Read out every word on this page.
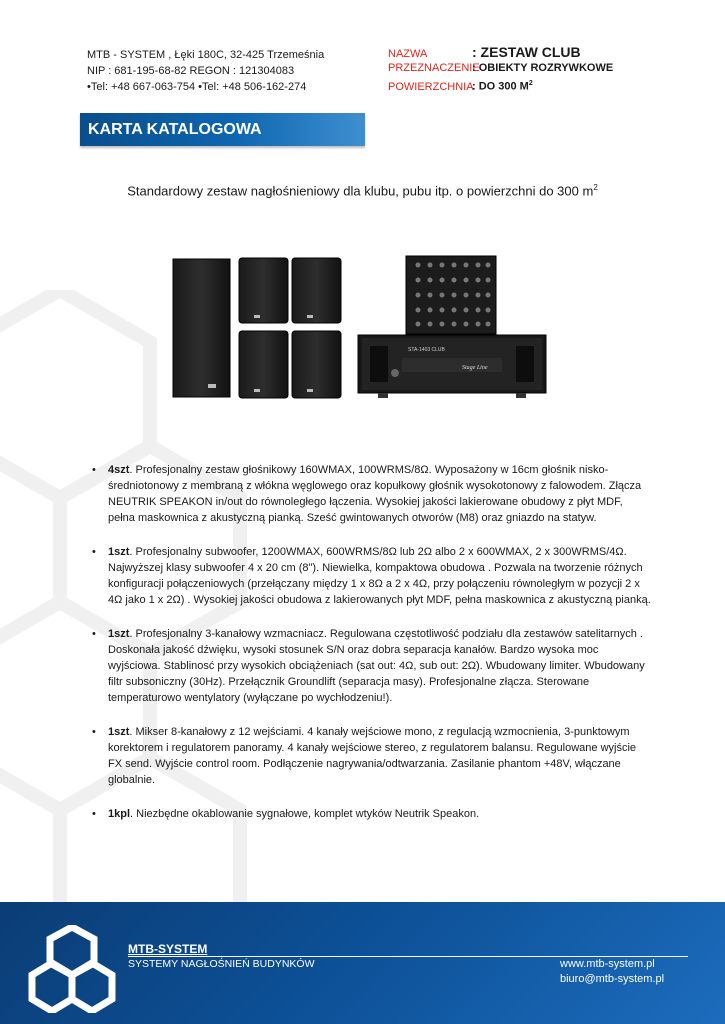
MTB - SYSTEM , Łęki 180C, 32-425 Trzemeśnia
NIP : 681-195-68-82 REGON : 121304083
•Tel: +48 667-063-754 •Tel: +48 506-162-274
NAZWA	: ZESTAW CLUB
PRZEZNACZENIE
: OBIEKTY ROZRYWKOWE
POWIERZCHNIA
: DO 300 $M^2$
KARTA KATALOGOWA
Standardowy zestaw nagłośnieniowy dla klubu, pubu itp. o powierzchni do 300 $m^2$
STA-1403 CLUB
Stage Line
• 4szt. Profesjonalny zestaw głośnikowy 160WMAX, 100WRMS/8Ω. Wyposażony w 16cm głośnik nisko-średniotonowy z membraną z włókna węglowego oraz kopułkowy głośnik wysokotonowy z falowodem. Złącza NEUTRIK SPEAKON in/out do równoległego łączenia. Wysokiej jakości lakierowane obudowy z płyt MDF, pełna maskownica z akustyczną pianką. Sześć gwintowanych otworów (M8) oraz gniazdo na statyw.
• 1szt. Profesjonalny subwoofer, 1200WMAX, 600WRMS/8Ω lub 2Ω albo 2 x 600WMAX, 2 x 300WRMS/4Ω. Najwyższej klasy subwoofer 4 x 20 cm (8"). Niewielka, kompaktowa obudowa . Pozwala na tworzenie różnych konfiguracji połączeniowych (przełączany między 1 x 8Ω a 2 x 4Ω, przy połączeniu równoległym w pozycji 2 x 4Ω jako 1 x 2Ω) . Wysokiej jakości obudowa z lakierowanych płyt MDF, pełna maskownica z akustyczną pianką.
• 1szt. Profesjonalny 3-kanałowy wzmacniacz. Regulowana częstotliwość podziału dla zestawów satelitarnych . Doskonała jakość dźwięku, wysoki stosunek S/N oraz dobra separacja kanałów. Bardzo wysoka moc wyjściowa. Stablinosć przy wysokich obciążeniach (sat out: 4Ω, sub out: 2Ω). Wbudowany limiter. Wbudowany filtr subsoniczny (30Hz). Przełącznik Groundlift (separacja masy). Profesjonalne złącza. Sterowane temperaturowo wentylatory (wyłączane po wychłodzeniu!).
• 1szt. Mikser 8-kanałowy z 12 wejściami. 4 kanały wejściowe mono, z regulacją wzmocnienia, 3-punktowym korektorem i regulatorem panoramy. 4 kanały wejściowe stereo, z regulatorem balansu. Regulowane wyjście FX send. Wyjście control room. Podłączenie nagrywania/odtwarzania. Zasilanie phantom +48V, włączane globalnie.
• 1kpl. Niezbędne okablowanie sygnałowe, komplet wtyków Neutrik Speakon.
MTB-SYSTEM
SYSTEMY NAGŁOŚNIEŃ BUDYNKÓW	www.mtb-system.pl
biuro@mtb-system.pl
